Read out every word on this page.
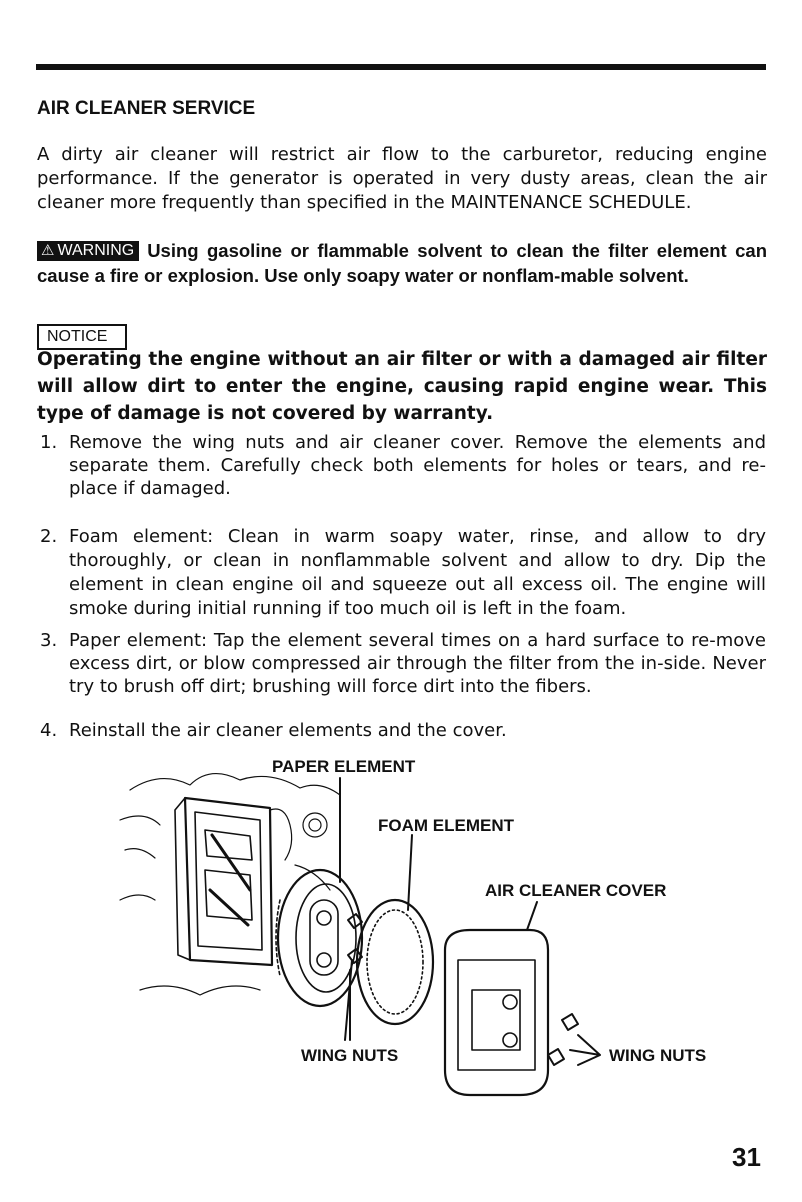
AIR CLEANER SERVICE
A dirty air cleaner will restrict air flow to the carburetor, reducing engine performance. If the generator is operated in very dusty areas, clean the air cleaner more frequently than specified in the MAINTENANCE SCHEDULE.
⚠ WARNING Using gasoline or flammable solvent to clean the filter element can cause a fire or explosion. Use only soapy water or nonflam-mable solvent.
NOTICE
Operating the engine without an air filter or with a damaged air filter will allow dirt to enter the engine, causing rapid engine wear. This type of damage is not covered by warranty.
1. Remove the wing nuts and air cleaner cover. Remove the elements and separate them. Carefully check both elements for holes or tears, and re-place if damaged.
2. Foam element: Clean in warm soapy water, rinse, and allow to dry thoroughly, or clean in nonflammable solvent and allow to dry. Dip the element in clean engine oil and squeeze out all excess oil. The engine will smoke during initial running if too much oil is left in the foam.
3. Paper element: Tap the element several times on a hard surface to re-move excess dirt, or blow compressed air through the filter from the in-side. Never try to brush off dirt; brushing will force dirt into the fibers.
4. Reinstall the air cleaner elements and the cover.
PAPER ELEMENT
FOAM ELEMENT
AIR CLEANER COVER
WING NUTS	WING NUTS
31
